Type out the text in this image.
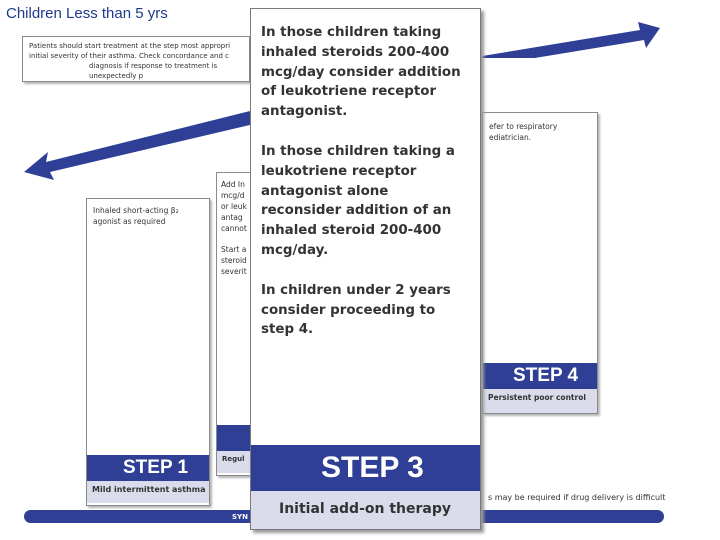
Children Less than 5 yrs
Patients should start treatment at the step most appropri
initial severity of their asthma. Check concordance and c
diagnosis if response to treatment is unexpectedly p
MOVE CONTROL AS NEEDED
MOVE DOWN TO FIND AND MAINTAIN
Inhaled short-acting β₂
agonist as required
STEP 1
Mild intermittent asthma
Add In
mcg/d
or leuk
antag
cannot
Start a
steroid
severit
Regul
efer to respiratory
ediatrician.
STEP 4
Persistent poor control
SYN
s may be required if drug delivery is difficult

In those children taking inhaled steroids 200-400 mcg/day consider addition of leukotriene receptor antagonist.

In those children taking a leukotriene receptor antagonist alone reconsider addition of an inhaled steroid 200-400 mcg/day.

In children under 2 years consider proceeding to step 4.

STEP 3
Initial add-on therapy
